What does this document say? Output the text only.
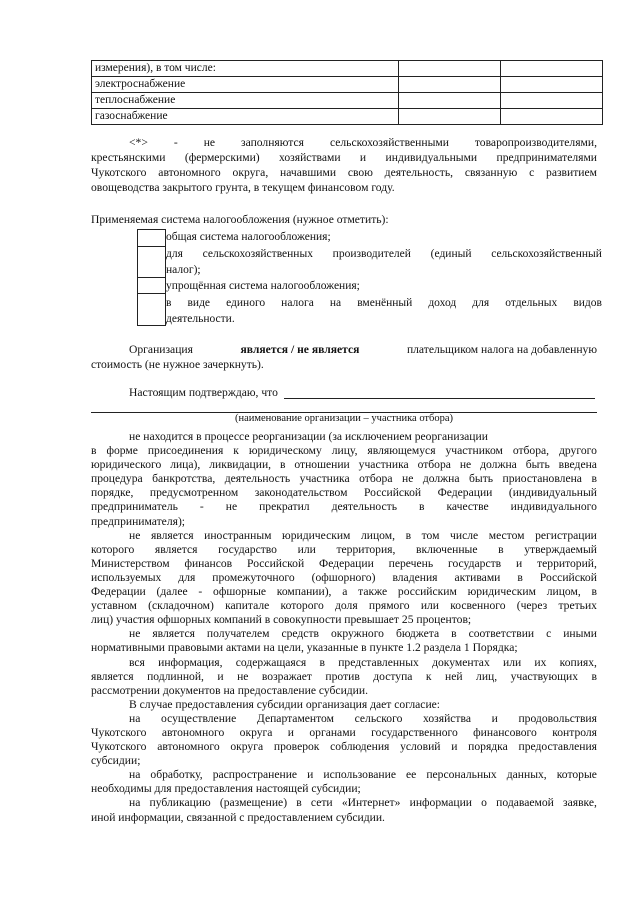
измерения), в том числе:		
электроснабжение		
теплоснабжение		
газоснабжение		
<*> - не заполняются сельскохозяйственными товаропроизводителями,
крестьянскими (фермерскими) хозяйствами и индивидуальными предпринимателями
Чукотского автономного округа, начавшими свою деятельность, связанную с развитием
овощеводства закрытого грунта, в текущем финансовом году.
Применяемая система налогообложения (нужное отметить):
общая система налогообложения;
для сельскохозяйственных производителей (единый сельскохозяйственный
налог);
упрощённая система налогообложения;
в виде единого налога на вменённый доход для отдельных видов
деятельности.
Организация	является / не является	плательщиком налога на добавленную
стоимость (не нужное зачеркнуть).
Настоящим подтверждаю, что
(наименование организации – участника отбора)
не находится в процессе реорганизации (за исключением реорганизации
в форме присоединения к юридическому лицу, являющемуся участником отбора, другого
юридического лица), ликвидации, в отношении участника отбора не должна быть введена
процедура банкротства, деятельность участника отбора не должна быть приостановлена в
порядке, предусмотренном законодательством Российской Федерации (индивидуальный
предприниматель - не прекратил деятельность в качестве индивидуального
предпринимателя);
не является иностранным юридическим лицом, в том числе местом регистрации
которого является государство или территория, включенные в утверждаемый
Министерством финансов Российской Федерации перечень государств и территорий,
используемых для промежуточного (офшорного) владения активами в Российской
Федерации (далее - офшорные компании), а также российским юридическим лицом, в
уставном (складочном) капитале которого доля прямого или косвенного (через третьих
лиц) участия офшорных компаний в совокупности превышает 25 процентов;
не является получателем средств окружного бюджета в соответствии с иными
нормативными правовыми актами на цели, указанные в пункте 1.2 раздела 1 Порядка;
вся информация, содержащаяся в представленных документах или их копиях,
является подлинной, и не возражает против доступа к ней лиц, участвующих в
рассмотрении документов на предоставление субсидии.
В случае предоставления субсидии организация дает согласие:
на осуществление Департаментом сельского хозяйства и продовольствия
Чукотского автономного округа и органами государственного финансового контроля
Чукотского автономного округа проверок соблюдения условий и порядка предоставления
субсидии;
на обработку, распространение и использование ее персональных данных, которые
необходимы для предоставления настоящей субсидии;
на публикацию (размещение) в сети «Интернет» информации о подаваемой заявке,
иной информации, связанной с предоставлением субсидии.
